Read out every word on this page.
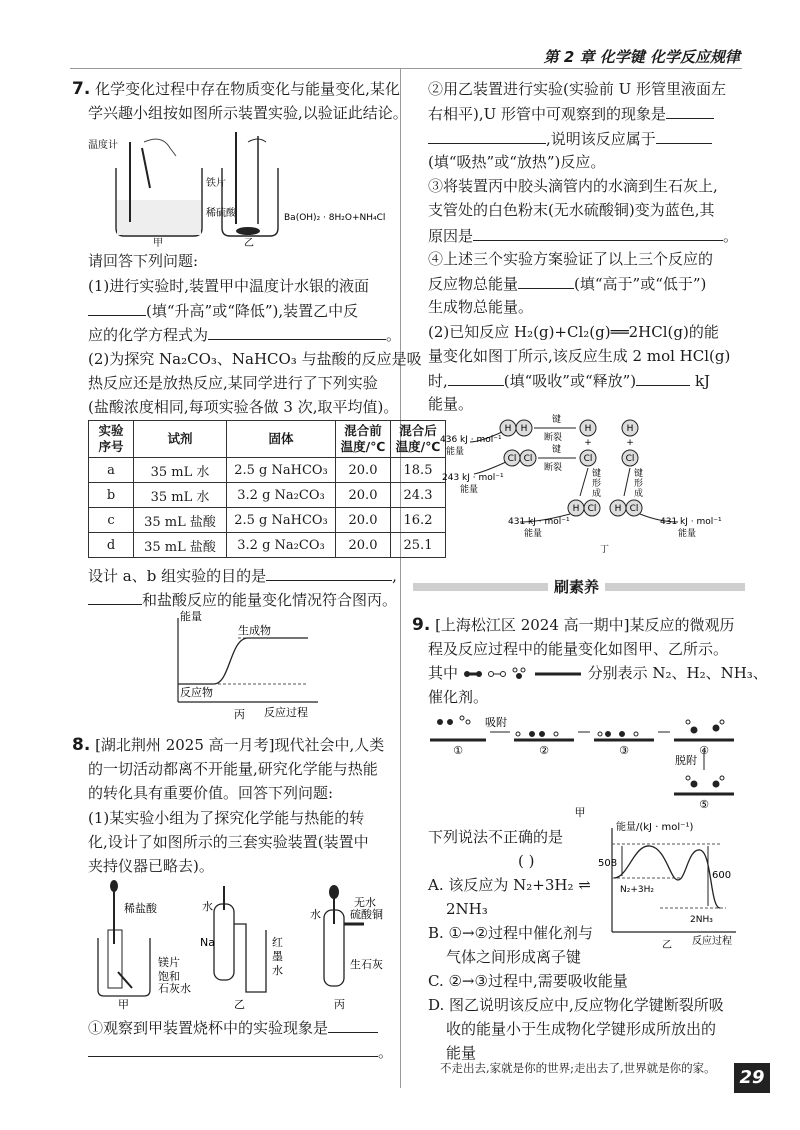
第 2 章 化学键 化学反应规律
7. 化学变化过程中存在物质变化与能量变化,某化
学兴趣小组按如图所示装置实验,以验证此结论。
温度计
铁片
稀硫酸
甲	乙
Ba(OH)₂ · 8H₂O+NH₄Cl
请回答下列问题:
(1)进行实验时,装置甲中温度计水银的液面
(填“升高”或“降低”),装置乙中反
应的化学方程式为	。
(2)为探究 Na₂CO₃、NaHCO₃ 与盐酸的反应是吸
热反应还是放热反应,某同学进行了下列实验
(盐酸浓度相同,每项实验各做 3 次,取平均值)。
实验序号	试剂	固体	混合前温度/℃	混合后温度/℃
a	35 mL 水	2.5 g NaHCO₃	20.0	18.5
b	35 mL 水	3.2 g Na₂CO₃	20.0	24.3
c	35 mL 盐酸	2.5 g NaHCO₃	20.0	16.2
d	35 mL 盐酸	3.2 g Na₂CO₃	20.0	25.1
设计 a、b 组实验的目的是	,
和盐酸反应的能量变化情况符合图丙。
能量
生成物
反应物
反应过程
丙
8. [湖北荆州 2025 高一月考]现代社会中,人类
的一切活动都离不开能量,研究化学能与热能
的转化具有重要价值。回答下列问题:
(1)某实验小组为了探究化学能与热能的转
化,设计了如图所示的三套实验装置(装置中
夹持仪器已略去)。
稀盐酸
镁片
饱和
石灰水
甲
水
Na	红
墨
水
乙
水
无水
硫酸铜
生石灰
丙
①观察到甲装置烧杯中的实验现象是
。
②用乙装置进行实验(实验前 U 形管里液面左
右相平),U 形管中可观察到的现象是
,说明该反应属于
(填“吸热”或“放热”)反应。
③将装置丙中胶头滴管内的水滴到生石灰上,
支管处的白色粉末(无水硫酸铜)变为蓝色,其
原因是	。
④上述三个实验方案验证了以上三个反应的
反应物总能量	(填“高于”或“低于”)
生成物总能量。
(2)已知反应 H₂(g)+Cl₂(g)══2HCl(g)的能
量变化如图丁所示,该反应生成 2 mol HCl(g)
时,	(填“吸收”或“释放”)	kJ
能量。
H H
Cl Cl
H	H
Cl	Cl
H Cl H Cl
+	+
436 kJ · mol⁻¹
能量
243 kJ · mol⁻¹
能量
键
断裂
键
断裂
键
形
成
键
形
成
431 kJ · mol⁻¹
能量
431 kJ · mol⁻¹
能量
丁
刷素养
9. [上海松江区 2024 高一期中]某反应的微观历
程及反应过程中的能量变化如图甲、乙所示。
其中	分别表示 N₂、H₂、NH₃、
催化剂。
吸附
脱附
①	②	③	④
⑤
甲
下列说法不正确的是
( )
A. 该反应为 N₂+3H₂ ⇌
2NH₃
B. ①→②过程中催化剂与
气体之间形成离子键
C. ②→③过程中,需要吸收能量
D. 图乙说明该反应中,反应物化学键断裂所吸
收的能量小于生成物化学键形成所放出的
能量
能量/(kJ · mol⁻¹)
508
600
N₂+3H₂
2NH₃
反应过程
乙
不走出去,家就是你的世界;走出去了,世界就是你的家。	29
